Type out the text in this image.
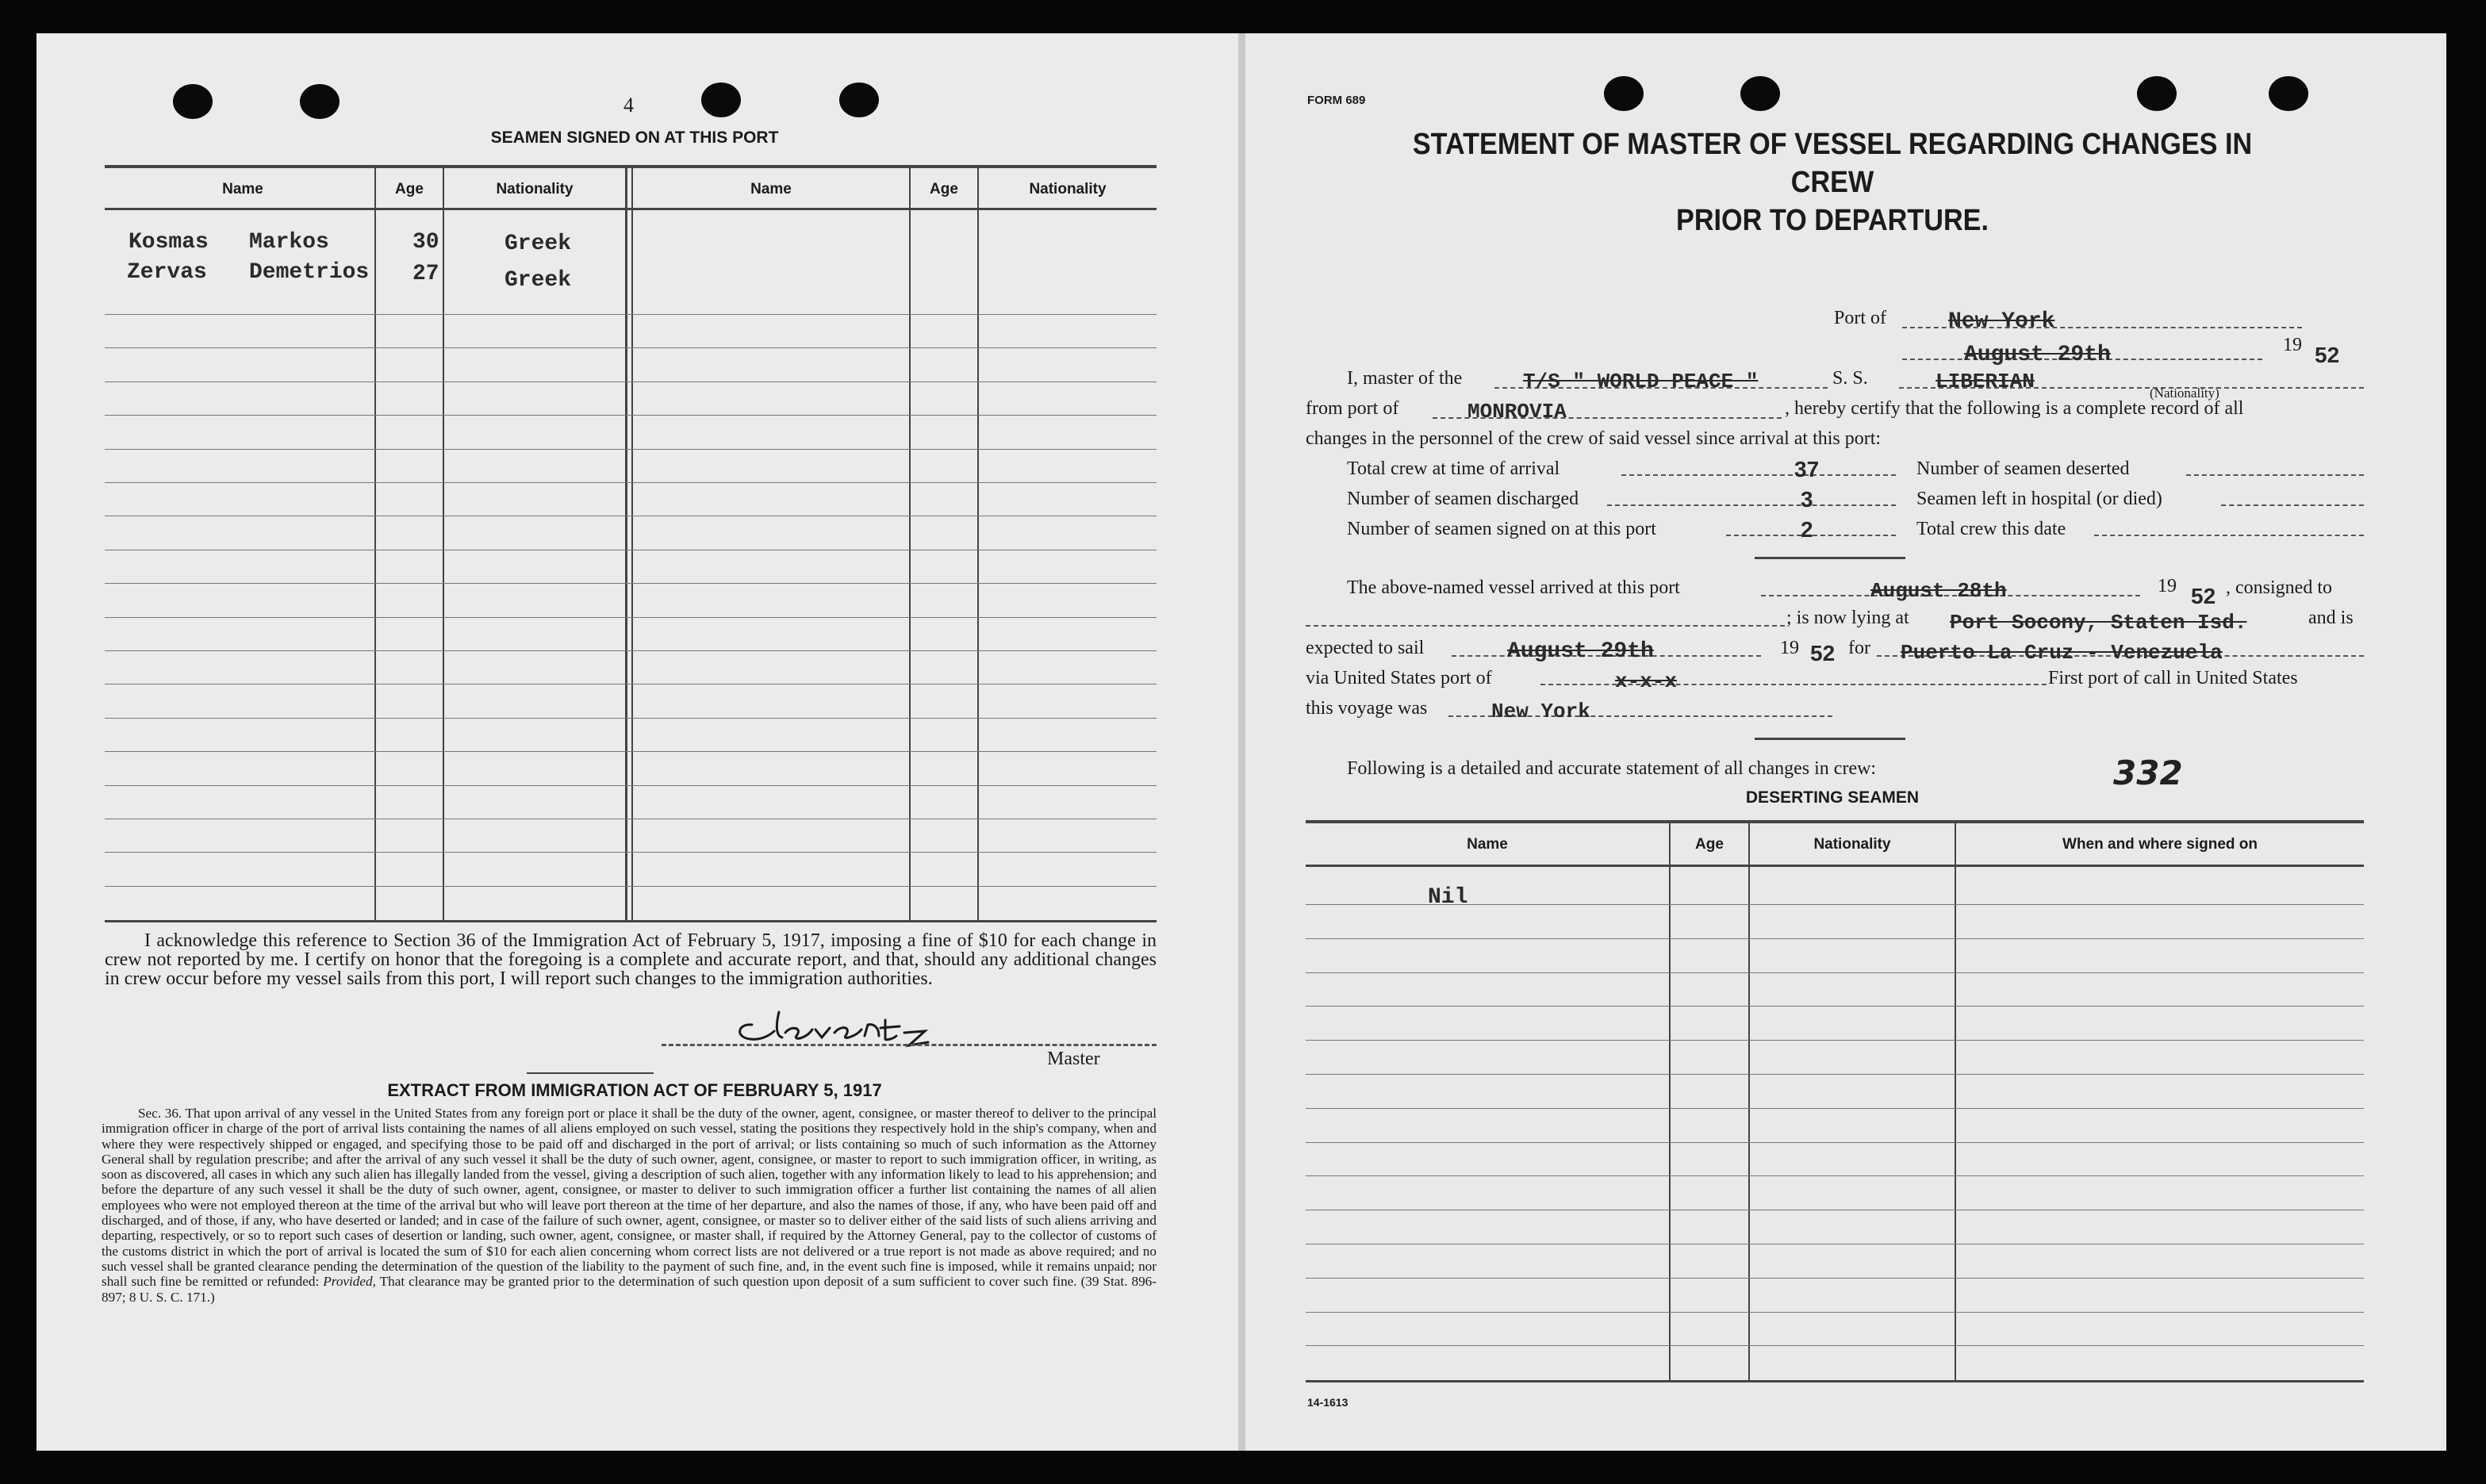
4
SEAMEN SIGNED ON AT THIS PORT
Name	Age	Nationality	Name	Age	Nationality
Kosmas Markos	30	Greek
Zervas Demetrios 27	Greek
I acknowledge this reference to Section 36 of the Immigration Act of February 5, 1917, imposing a fine of $10 for each change in crew not reported by me. I certify on honor that the foregoing is a complete and accurate report, and that, should any additional changes in crew occur before my vessel sails from this port, I will report such changes to the immigration authorities.
Master
EXTRACT FROM IMMIGRATION ACT OF FEBRUARY 5, 1917
Sec. 36. That upon arrival of any vessel in the United States from any foreign port or place it shall be the duty of the owner, agent, consignee, or master thereof to deliver to the principal immigration officer in charge of the port of arrival lists containing the names of all aliens employed on such vessel, stating the positions they respectively hold in the ship's company, when and where they were respectively shipped or engaged, and specifying those to be paid off and discharged in the port of arrival; or lists containing so much of such information as the Attorney General shall by regulation prescribe; and after the arrival of any such vessel it shall be the duty of such owner, agent, consignee, or master to report to such immigration officer, in writing, as soon as discovered, all cases in which any such alien has illegally landed from the vessel, giving a description of such alien, together with any information likely to lead to his apprehension; and before the departure of any such vessel it shall be the duty of such owner, agent, consignee, or master to deliver to such immigration officer a further list containing the names of all alien employees who were not employed thereon at the time of the arrival but who will leave port thereon at the time of her departure, and also the names of those, if any, who have been paid off and discharged, and of those, if any, who have deserted or landed; and in case of the failure of such owner, agent, consignee, or master so to deliver either of the said lists of such aliens arriving and departing, respectively, or so to report such cases of desertion or landing, such owner, agent, consignee, or master shall, if required by the Attorney General, pay to the collector of customs of the customs district in which the port of arrival is located the sum of $10 for each alien concerning whom correct lists are not delivered or a true report is not made as above required; and no such vessel shall be granted clearance pending the determination of the question of the liability to the payment of such fine, and, in the event such fine is imposed, while it remains unpaid; nor shall such fine be remitted or refunded: Provided, That clearance may be granted prior to the determination of such question upon deposit of a sum sufficient to cover such fine. (39 Stat. 896-897; 8 U. S. C. 171.)
FORM 689
STATEMENT OF MASTER OF VESSEL REGARDING CHANGES IN CREW
PRIOR TO DEPARTURE.
Port of	New York
August 29th	19 52
I, master of the	T/S " WORLD PEACE "	S. S.	LIBERIAN	(Nationality)
from port of	MONROVIA	, hereby certify that the following is a complete record of all
changes in the personnel of the crew of said vessel since arrival at this port:
Total crew at time of arrival	37
Number of seamen discharged	3
Number of seamen signed on at this port	2
Number of seamen deserted
Seamen left in hospital (or died)
Total crew this date
The above-named vessel arrived at this port	August 28th	19 52 , consigned to
; is now lying at Port Socony, Staten Isd.	and is
expected to sail	August 29th	19 52 for Puerto La Cruz - Venezuela
via United States port of	x-x-x	First port of call in United States
this voyage was	New York
Following is a detailed and accurate statement of all changes in crew:	332
DESERTING SEAMEN
Name	Age	Nationality	When and where signed on
Nil
14-1613
